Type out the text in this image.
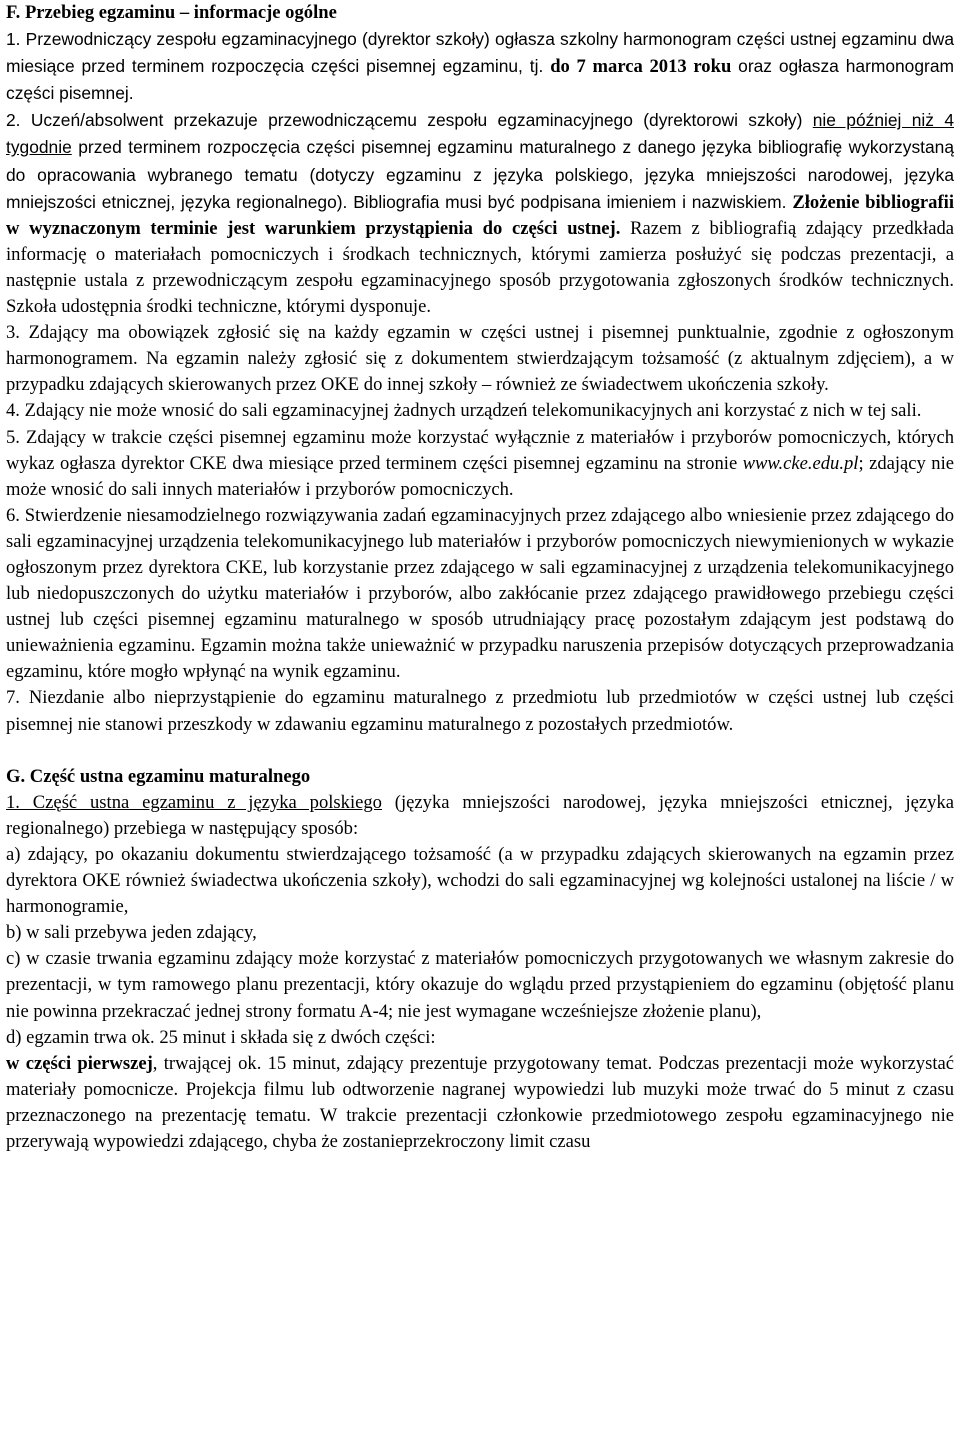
F. Przebieg egzaminu – informacje ogólne

1. Przewodniczący zespołu egzaminacyjnego (dyrektor szkoły) ogłasza szkolny harmonogram części ustnej egzaminu dwa miesiące przed terminem rozpoczęcia części pisemnej egzaminu, tj. do 7 marca 2013 roku oraz ogłasza harmonogram części pisemnej.

2. Uczeń/absolwent przekazuje przewodniczącemu zespołu egzaminacyjnego (dyrektorowi szkoły) nie później niż 4 tygodnie przed terminem rozpoczęcia części pisemnej egzaminu maturalnego z danego języka bibliografię wykorzystaną do opracowania wybranego tematu (dotyczy egzaminu z języka polskiego, języka mniejszości narodowej, języka mniejszości etnicznej, języka regionalnego). Bibliografia musi być podpisana imieniem i nazwiskiem. Złożenie bibliografii w wyznaczonym terminie jest warunkiem przystąpienia do części ustnej. Razem z bibliografią zdający przedkłada informację o materiałach pomocniczych i środkach technicznych, którymi zamierza posłużyć się podczas prezentacji, a następnie ustala z przewodniczącym zespołu egzaminacyjnego sposób przygotowania zgłoszonych środków technicznych. Szkoła udostępnia środki techniczne, którymi dysponuje.

3. Zdający ma obowiązek zgłosić się na każdy egzamin w części ustnej i pisemnej punktualnie, zgodnie z ogłoszonym harmonogramem. Na egzamin należy zgłosić się z dokumentem stwierdzającym tożsamość (z aktualnym zdjęciem), a w przypadku zdających skierowanych przez OKE do innej szkoły – również ze świadectwem ukończenia szkoły.

4. Zdający nie może wnosić do sali egzaminacyjnej żadnych urządzeń telekomunikacyjnych ani korzystać z nich w tej sali.

5. Zdający w trakcie części pisemnej egzaminu może korzystać wyłącznie z materiałów i przyborów pomocniczych, których wykaz ogłasza dyrektor CKE dwa miesiące przed terminem części pisemnej egzaminu na stronie www.cke.edu.pl; zdający nie może wnosić do sali innych materiałów i przyborów pomocniczych.

6. Stwierdzenie niesamodzielnego rozwiązywania zadań egzaminacyjnych przez zdającego albo wniesienie przez zdającego do sali egzaminacyjnej urządzenia telekomunikacyjnego lub materiałów i przyborów pomocniczych niewymienionych w wykazie ogłoszonym przez dyrektora CKE, lub korzystanie przez zdającego w sali egzaminacyjnej z urządzenia telekomunikacyjnego lub niedopuszczonych do użytku materiałów i przyborów, albo zakłócanie przez zdającego prawidłowego przebiegu części ustnej lub części pisemnej egzaminu maturalnego w sposób utrudniający pracę pozostałym zdającym jest podstawą do unieważnienia egzaminu. Egzamin można także unieważnić w przypadku naruszenia przepisów dotyczących przeprowadzania egzaminu, które mogło wpłynąć na wynik egzaminu.

7. Niezdanie albo nieprzystąpienie do egzaminu maturalnego z przedmiotu lub przedmiotów w części ustnej lub części pisemnej nie stanowi przeszkody w zdawaniu egzaminu maturalnego z pozostałych przedmiotów.

G. Część ustna egzaminu maturalnego

1. Część ustna egzaminu z języka polskiego (języka mniejszości narodowej, języka mniejszości etnicznej, języka regionalnego) przebiega w następujący sposób:

a) zdający, po okazaniu dokumentu stwierdzającego tożsamość (a w przypadku zdających skierowanych na egzamin przez dyrektora OKE również świadectwa ukończenia szkoły), wchodzi do sali egzaminacyjnej wg kolejności ustalonej na liście / w harmonogramie,

b) w sali przebywa jeden zdający,

c) w czasie trwania egzaminu zdający może korzystać z materiałów pomocniczych przygotowanych we własnym zakresie do prezentacji, w tym ramowego planu prezentacji, który okazuje do wglądu przed przystąpieniem do egzaminu (objętość planu nie powinna przekraczać jednej strony formatu A-4; nie jest wymagane wcześniejsze złożenie planu),

d) egzamin trwa ok. 25 minut i składa się z dwóch części:

w części pierwszej, trwającej ok. 15 minut, zdający prezentuje przygotowany temat. Podczas prezentacji może wykorzystać materiały pomocnicze. Projekcja filmu lub odtworzenie nagranej wypowiedzi lub muzyki może trwać do 5 minut z czasu przeznaczonego na prezentację tematu. W trakcie prezentacji członkowie przedmiotowego zespołu egzaminacyjnego nie przerywają wypowiedzi zdającego, chyba że zostanieprzekroczony limit czasu
